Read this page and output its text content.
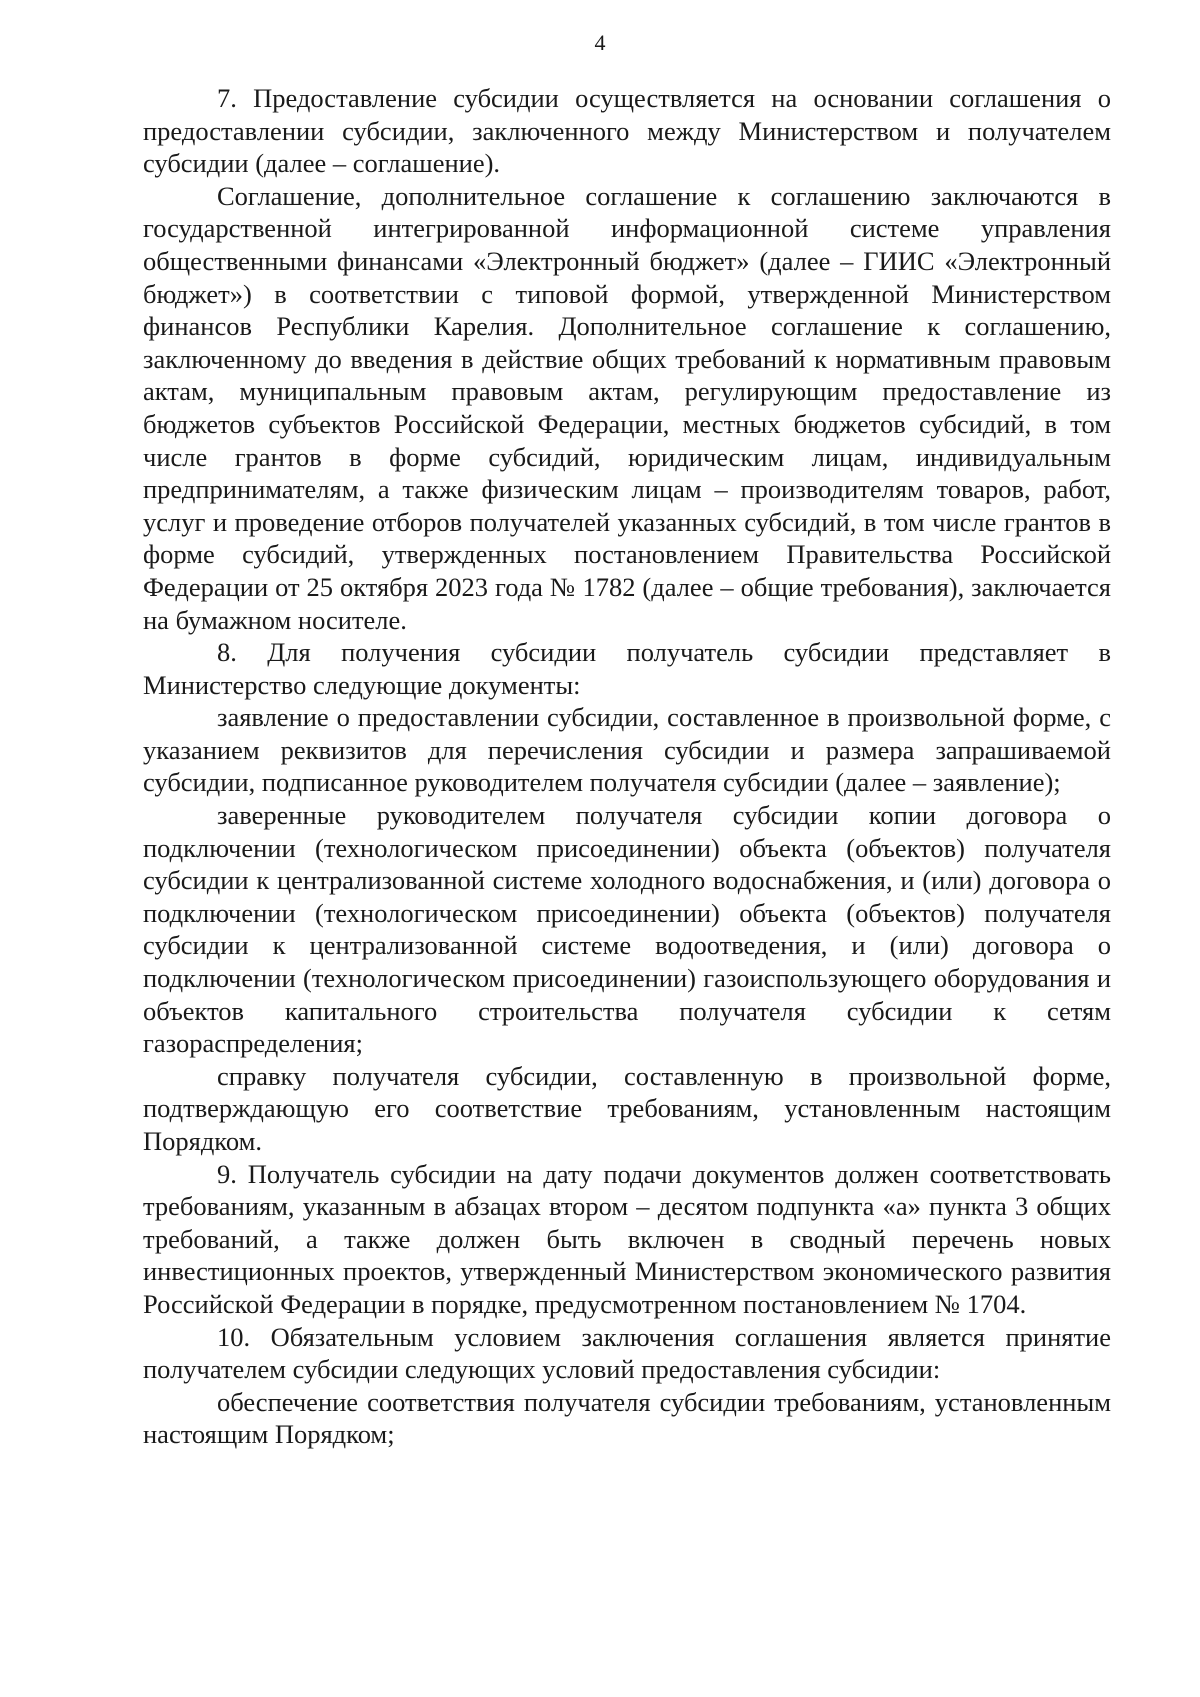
4

7. Предоставление субсидии осуществляется на основании соглашения о предоставлении субсидии, заключенного между Министерством и получателем субсидии (далее – соглашение).

Соглашение, дополнительное соглашение к соглашению заключаются в государственной интегрированной информационной системе управления общественными финансами «Электронный бюджет» (далее – ГИИС «Электронный бюджет») в соответствии с типовой формой, утвержденной Министерством финансов Республики Карелия. Дополнительное соглашение к соглашению, заключенному до введения в действие общих требований к нормативным правовым актам, муниципальным правовым актам, регулирующим предоставление из бюджетов субъектов Российской Федерации, местных бюджетов субсидий, в том числе грантов в форме субсидий, юридическим лицам, индивидуальным предпринимателям, а также физическим лицам – производителям товаров, работ, услуг и проведение отборов получателей указанных субсидий, в том числе грантов в форме субсидий, утвержденных постановлением Правительства Российской Федерации от 25 октября 2023 года № 1782 (далее – общие требования), заключается на бумажном носителе.

8. Для получения субсидии получатель субсидии представляет в Министерство следующие документы:

заявление о предоставлении субсидии, составленное в произвольной форме, с указанием реквизитов для перечисления субсидии и размера запрашиваемой субсидии, подписанное руководителем получателя субсидии (далее – заявление);

заверенные руководителем получателя субсидии копии договора о подключении (технологическом присоединении) объекта (объектов) получателя субсидии к централизованной системе холодного водоснабжения, и (или) договора о подключении (технологическом присоединении) объекта (объектов) получателя субсидии к централизованной системе водоотведения, и (или) договора о подключении (технологическом присоединении) газоиспользующего оборудования и объектов капитального строительства получателя субсидии к сетям газораспределения;

справку получателя субсидии, составленную в произвольной форме, подтверждающую его соответствие требованиям, установленным настоящим Порядком.

9. Получатель субсидии на дату подачи документов должен соответствовать требованиям, указанным в абзацах втором – десятом подпункта «а» пункта 3 общих требований, а также должен быть включен в сводный перечень новых инвестиционных проектов, утвержденный Министерством экономического развития Российской Федерации в порядке, предусмотренном постановлением № 1704.

10. Обязательным условием заключения соглашения является принятие получателем субсидии следующих условий предоставления субсидии:

обеспечение соответствия получателя субсидии требованиям, установленным настоящим Порядком;
